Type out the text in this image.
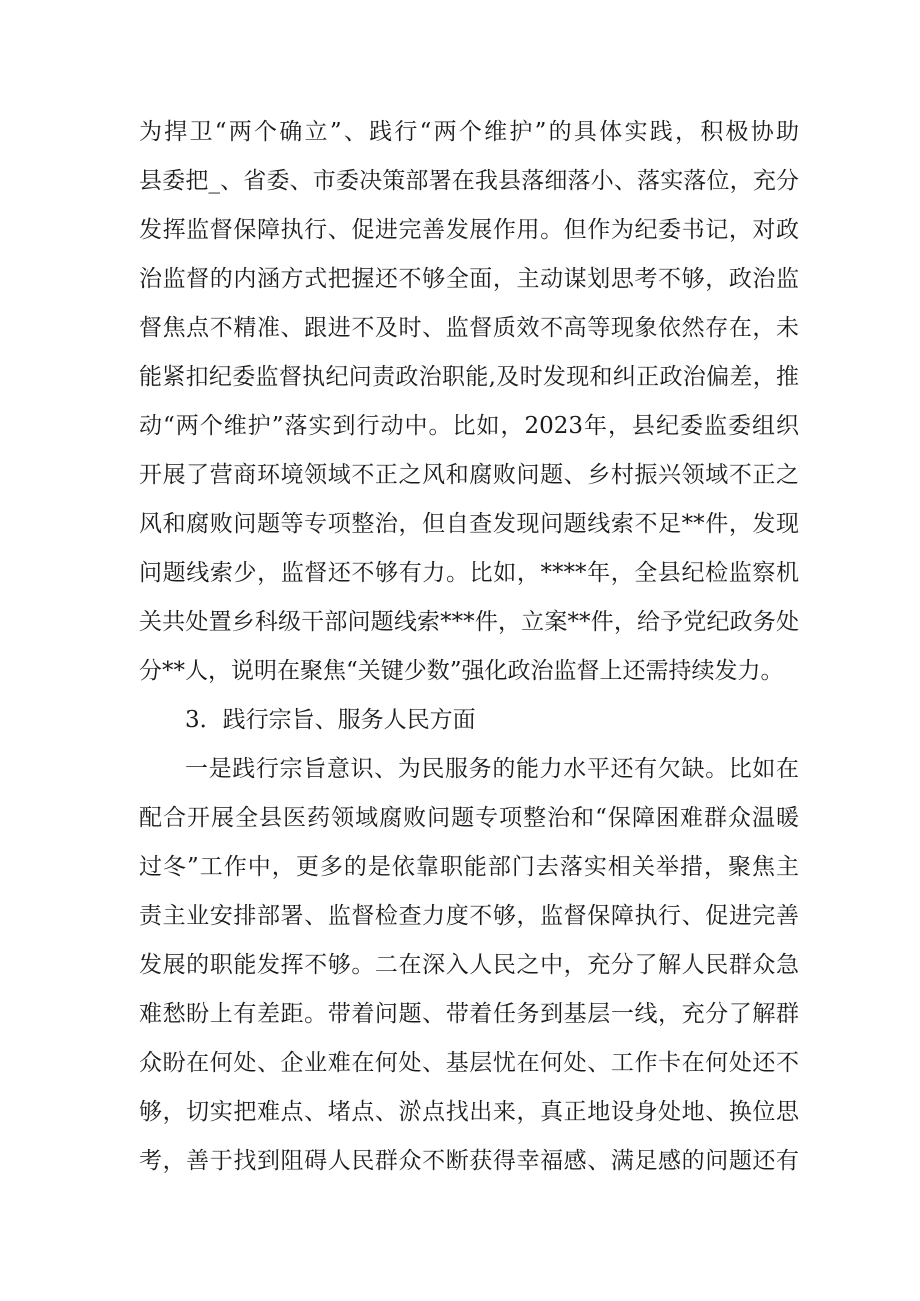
为捍卫“两个确立”、践行“两个维护”的具体实践，积极协助
县委把_、省委、市委决策部署在我县落细落小、落实落位，充分
发挥监督保障执行、促进完善发展作用。但作为纪委书记，对政
治监督的内涵方式把握还不够全面，主动谋划思考不够，政治监
督焦点不精准、跟进不及时、监督质效不高等现象依然存在，未
能紧扣纪委监督执纪问责政治职能,及时发现和纠正政治偏差，推
动“两个维护”落实到行动中。比如，2023年，县纪委监委组织
开展了营商环境领域不正之风和腐败问题、乡村振兴领域不正之
风和腐败问题等专项整治，但自查发现问题线索不足**件，发现
问题线索少，监督还不够有力。比如，****年，全县纪检监察机
关共处置乡科级干部问题线索***件，立案**件，给予党纪政务处
分**人，说明在聚焦“关键少数”强化政治监督上还需持续发力。
3．践行宗旨、服务人民方面
一是践行宗旨意识、为民服务的能力水平还有欠缺。比如在
配合开展全县医药领域腐败问题专项整治和“保障困难群众温暖
过冬”工作中，更多的是依靠职能部门去落实相关举措，聚焦主
责主业安排部署、监督检查力度不够，监督保障执行、促进完善
发展的职能发挥不够。二在深入人民之中，充分了解人民群众急
难愁盼上有差距。带着问题、带着任务到基层一线，充分了解群
众盼在何处、企业难在何处、基层忧在何处、工作卡在何处还不
够，切实把难点、堵点、淤点找出来，真正地设身处地、换位思
考，善于找到阻碍人民群众不断获得幸福感、满足感的问题还有
